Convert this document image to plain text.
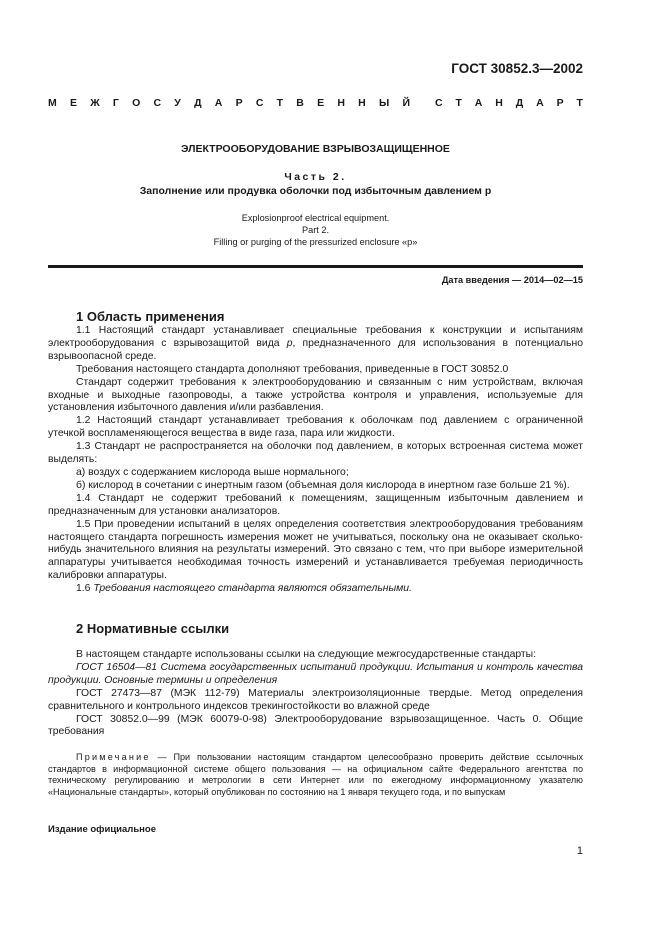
ГОСТ 30852.3—2002
М Е Ж Г О С У Д А Р С Т В Е Н Н Ы Й С Т А Н Д А Р Т
ЭЛЕКТРООБОРУДОВАНИЕ ВЗРЫВОЗАЩИЩЕННОЕ
Часть 2.
Заполнение или продувка оболочки под избыточным давлением р
Explosionproof electrical equipment.
Part 2.
Filling or purging of the pressurized enclosure «p»
Дата введения — 2014—02—15
1 Область применения
1.1 Настоящий стандарт устанавливает специальные требования к конструкции и испытаниям электрооборудования с взрывозащитой вида р, предназначенного для использования в потенциально взрывоопасной среде.
Требования настоящего стандарта дополняют требования, приведенные в ГОСТ 30852.0
Стандарт содержит требования к электрооборудованию и связанным с ним устройствам, включая входные и выходные газопроводы, а также устройства контроля и управления, используемые для установления избыточного давления и/или разбавления.
1.2 Настоящий стандарт устанавливает требования к оболочкам под давлением с ограниченной утечкой воспламеняющегося вещества в виде газа, пара или жидкости.
1.3 Стандарт не распространяется на оболочки под давлением, в которых встроенная система может выделять:
а) воздух с содержанием кислорода выше нормального;
б) кислород в сочетании с инертным газом (объемная доля кислорода в инертном газе больше 21 %).
1.4 Стандарт не содержит требований к помещениям, защищенным избыточным давлением и предназначенным для установки анализаторов.
1.5 При проведении испытаний в целях определения соответствия электрооборудования требованиям настоящего стандарта погрешность измерения может не учитываться, поскольку она не оказывает сколько-нибудь значительного влияния на результаты измерений. Это связано с тем, что при выборе измерительной аппаратуры учитывается необходимая точность измерений и устанавливается требуемая периодичность калибровки аппаратуры.
1.6 Требования настоящего стандарта являются обязательными.
2 Нормативные ссылки
В настоящем стандарте использованы ссылки на следующие межгосударственные стандарты:
ГОСТ 16504—81 Система государственных испытаний продукции. Испытания и контроль качества продукции. Основные термины и определения
ГОСТ 27473—87 (МЭК 112-79) Материалы электроизоляционные твердые. Метод определения сравнительного и контрольного индексов трекингостойкости во влажной среде
ГОСТ 30852.0—99 (МЭК 60079-0-98) Электрооборудование взрывозащищенное. Часть 0. Общие требования
Примечание — При пользовании настоящим стандартом целесообразно проверить действие ссылочных стандартов в информационной системе общего пользования — на официальном сайте Федерального агентства по техническому регулированию и метрологии в сети Интернет или по ежегодному информационному указателю «Национальные стандарты», который опубликован по состоянию на 1 января текущего года, и по выпускам
Издание официальное
1
